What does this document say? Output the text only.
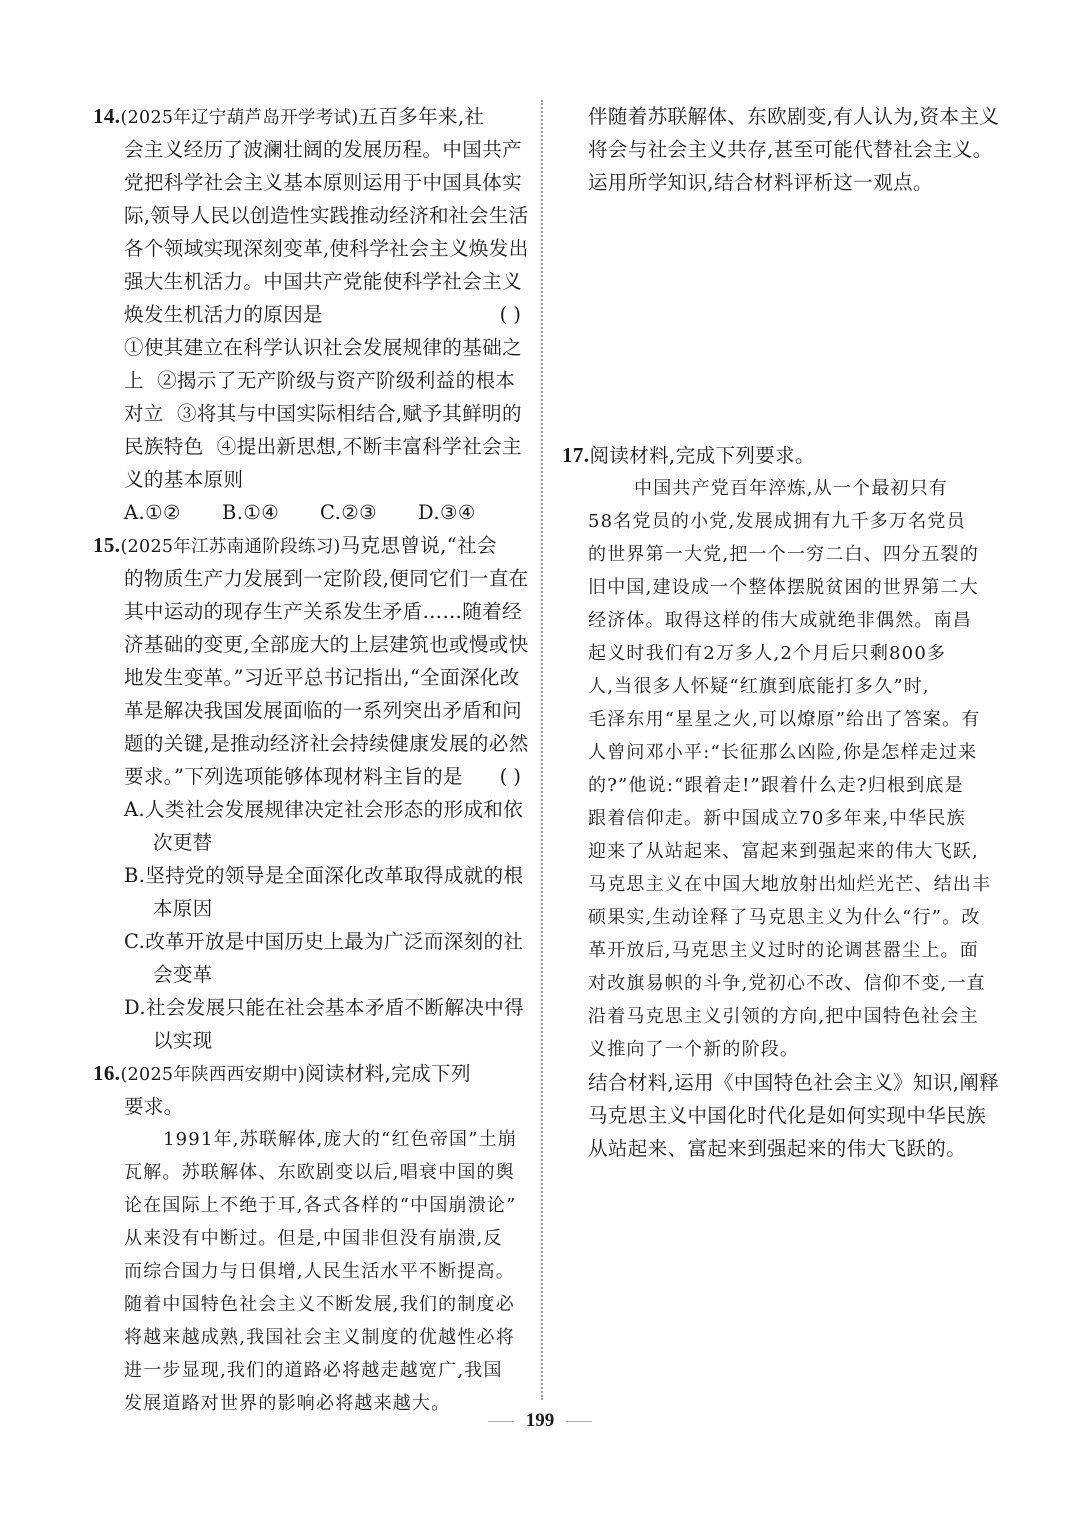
14.(2025年辽宁葫芦岛开学考试)五百多年来,社

会主义经历了波澜壮阔的发展历程。中国共产

党把科学社会主义基本原则运用于中国具体实

际,领导人民以创造性实践推动经济和社会生活

各个领域实现深刻变革,使科学社会主义焕发出

强大生机活力。中国共产党能使科学社会主义

焕发生机活力的原因是	( )

①使其建立在科学认识社会发展规律的基础之

上  ②揭示了无产阶级与资产阶级利益的根本

对立  ③将其与中国实际相结合,赋予其鲜明的

民族特色  ④提出新思想,不断丰富科学社会主

义的基本原则

A.①②	B.①④	C.②③	D.③④

15.(2025年江苏南通阶段练习)马克思曾说,“社会

的物质生产力发展到一定阶段,便同它们一直在

其中运动的现存生产关系发生矛盾……随着经

济基础的变更,全部庞大的上层建筑也或慢或快

地发生变革。”习近平总书记指出,“全面深化改

革是解决我国发展面临的一系列突出矛盾和问

题的关键,是推动经济社会持续健康发展的必然

要求。”下列选项能够体现材料主旨的是 ( )

A.人类社会发展规律决定社会形态的形成和依

次更替

B.坚持党的领导是全面深化改革取得成就的根

本原因

C.改革开放是中国历史上最为广泛而深刻的社

会变革

D.社会发展只能在社会基本矛盾不断解决中得

以实现

16.(2025年陕西西安期中)阅读材料,完成下列

要求。

1991年,苏联解体,庞大的“红色帝国”土崩

瓦解。苏联解体、东欧剧变以后,唱衰中国的舆

论在国际上不绝于耳,各式各样的“中国崩溃论”

从来没有中断过。但是,中国非但没有崩溃,反

而综合国力与日俱增,人民生活水平不断提高。

随着中国特色社会主义不断发展,我们的制度必

将越来越成熟,我国社会主义制度的优越性必将

进一步显现,我们的道路必将越走越宽广,我国

发展道路对世界的影响必将越来越大。

伴随着苏联解体、东欧剧变,有人认为,资本主义

将会与社会主义共存,甚至可能代替社会主义。

运用所学知识,结合材料评析这一观点。

17.阅读材料,完成下列要求。

中国共产党百年淬炼,从一个最初只有

58名党员的小党,发展成拥有九千多万名党员

的世界第一大党,把一个一穷二白、四分五裂的

旧中国,建设成一个整体摆脱贫困的世界第二大

经济体。取得这样的伟大成就绝非偶然。南昌

起义时我们有2万多人,2个月后只剩800多

人,当很多人怀疑“红旗到底能打多久”时,

毛泽东用“星星之火,可以燎原”给出了答案。有

人曾问邓小平:“长征那么凶险,你是怎样走过来

的?”他说:“跟着走!”跟着什么走?归根到底是

跟着信仰走。新中国成立70多年来,中华民族

迎来了从站起来、富起来到强起来的伟大飞跃,

马克思主义在中国大地放射出灿烂光芒、结出丰

硕果实,生动诠释了马克思主义为什么“行”。改

革开放后,马克思主义过时的论调甚嚣尘上。面

对改旗易帜的斗争,党初心不改、信仰不变,一直

沿着马克思主义引领的方向,把中国特色社会主

义推向了一个新的阶段。

结合材料,运用《中国特色社会主义》知识,阐释

马克思主义中国化时代化是如何实现中华民族

从站起来、富起来到强起来的伟大飞跃的。

199
